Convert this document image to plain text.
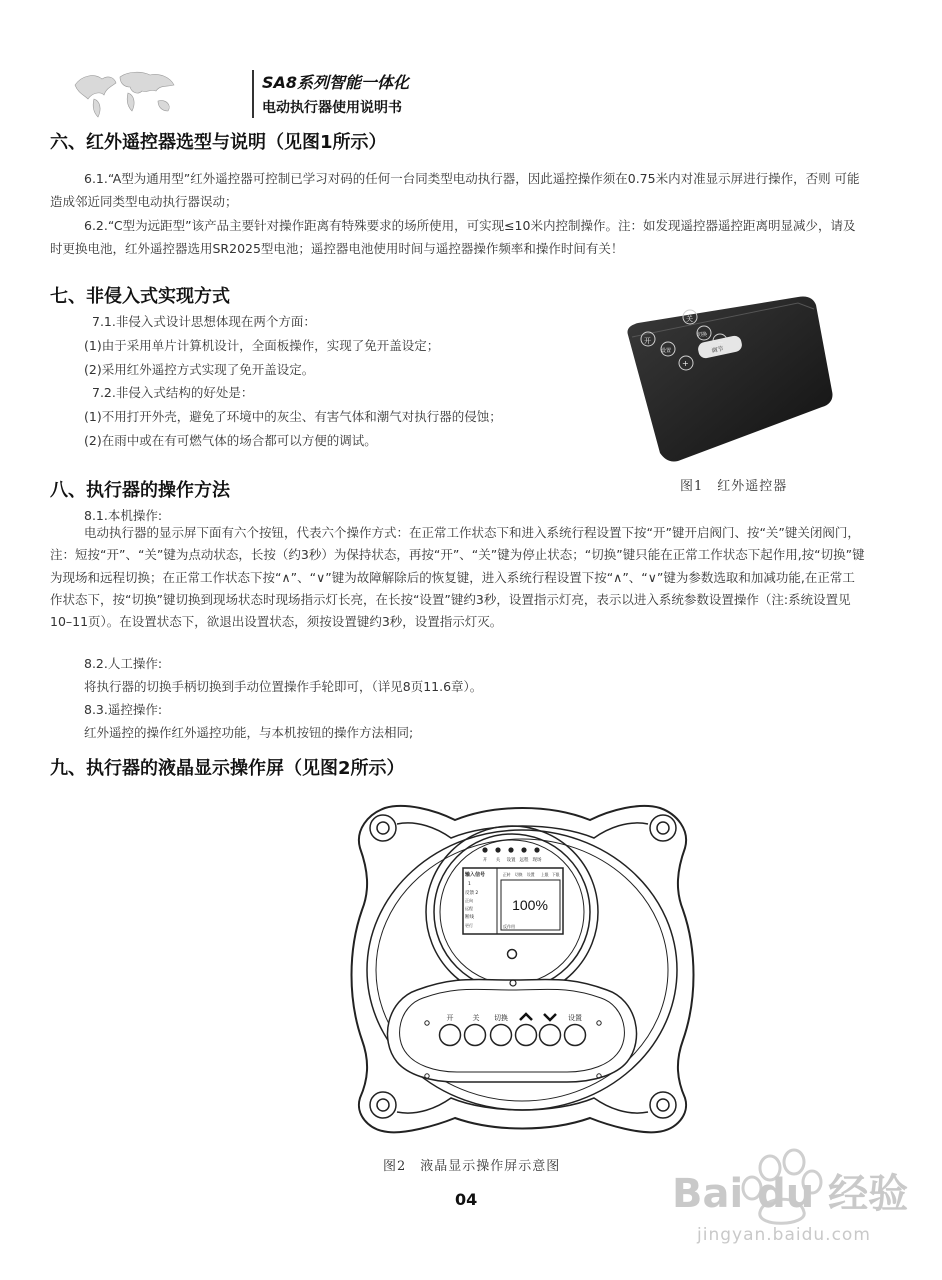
SA8系列智能一体化
电动执行器使用说明书
六、红外遥控器选型与说明（见图1所示）
6.1.“A型为通用型”红外遥控器可控制已学习对码的任何一台同类型电动执行器，因此遥控操作须在0.75米内对准显示屏进行操作，否则 可能造成邻近同类型电动执行器误动；
6.2.“C型为远距型”该产品主要针对操作距离有特殊要求的场所使用，可实现≤10米内控制操作。注：如发现遥控器遥控距离明显减少，请及时更换电池，红外遥控器选用SR2025型电池；遥控器电池使用时间与遥控器操作频率和操作时间有关！
七、非侵入式实现方式
7.1.非侵入式设计思想体现在两个方面：
(1)由于采用单片计算机设计，全面板操作，实现了免开盖设定；
(2)采用红外遥控方式实现了免开盖设定。
7.2.非侵入式结构的好处是：
(1)不用打开外壳，避免了环境中的灰尘、有害气体和潮气对执行器的侵蚀；
(2)在雨中或在有可燃气体的场合都可以方便的调试。
开
关
切换
设置	调节
+
−
图1　红外遥控器
八、执行器的操作方法
8.1.本机操作:
电动执行器的显示屏下面有六个按钮，代表六个操作方式：在正常工作状态下和进入系统行程设置下按“开”键开启阀门、按“关”键关闭阀门，注：短按“开”、“关”键为点动状态，长按（约3秒）为保持状态，再按“开”、“关”键为停止状态；“切换”键只能在正常工作状态下起作用,按“切换”键为现场和远程切换；在正常工作状态下按“∧”、“∨”键为故障解除后的恢复键，进入系统行程设置下按“∧”、“∨”键为参数选取和加减功能,在正常工作状态下，按“切换”键切换到现场状态时现场指示灯长亮，在长按“设置”键约3秒，设置指示灯亮，表示以进入系统参数设置操作（注:系统设置见10–11页）。在设置状态下，欲退出设置状态，须按设置键约3秒，设置指示灯灭。
8.2.人工操作:
将执行器的切换手柄切换到手动位置操作手轮即可，（详见8页11.6章）。
8.3.遥控操作:
红外遥控的操作红外遥控功能，与本机按钮的操作方法相同;
九、执行器的液晶显示操作屏（见图2所示）
开 关 设置 远程 现场
输入信号
1
反馈 2
正向
远程
断线
更行
正转 切换 设置 上限 下限
100%
反作用
开	关 切换	设置
图2　液晶显示操作屏示意图
04	Bai du 经验
jingyan.baidu.com
